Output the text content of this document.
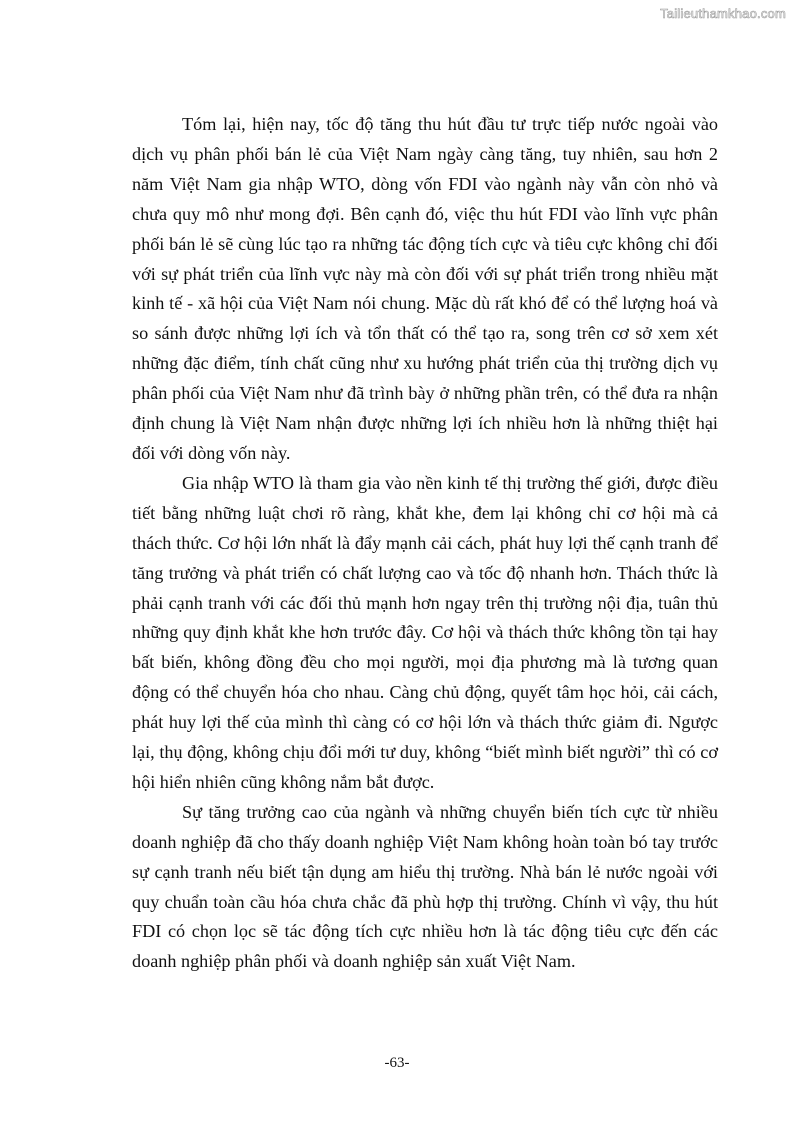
Tailieuthamkhao.com

Tóm lại, hiện nay, tốc độ tăng thu hút đầu tư trực tiếp nước ngoài vào dịch vụ phân phối bán lẻ của Việt Nam ngày càng tăng, tuy nhiên, sau hơn 2 năm Việt Nam gia nhập WTO, dòng vốn FDI vào ngành này vẫn còn nhỏ và chưa quy mô như mong đợi. Bên cạnh đó, việc thu hút FDI vào lĩnh vực phân phối bán lẻ sẽ cùng lúc tạo ra những tác động tích cực và tiêu cực không chỉ đối với sự phát triển của lĩnh vực này mà còn đối với sự phát triển trong nhiều mặt kinh tế - xã hội của Việt Nam nói chung. Mặc dù rất khó để có thể lượng hoá và so sánh được những lợi ích và tổn thất có thể tạo ra, song trên cơ sở xem xét những đặc điểm, tính chất cũng như xu hướng phát triển của thị trường dịch vụ phân phối của Việt Nam như đã trình bày ở những phần trên, có thể đưa ra nhận định chung là Việt Nam nhận được những lợi ích nhiều hơn là những thiệt hại đối với dòng vốn này.

Gia nhập WTO là tham gia vào nền kinh tế thị trường thế giới, được điều tiết bằng những luật chơi rõ ràng, khắt khe, đem lại không chỉ cơ hội mà cả thách thức. Cơ hội lớn nhất là đẩy mạnh cải cách, phát huy lợi thế cạnh tranh để tăng trưởng và phát triển có chất lượng cao và tốc độ nhanh hơn. Thách thức là phải cạnh tranh với các đối thủ mạnh hơn ngay trên thị trường nội địa, tuân thủ những quy định khắt khe hơn trước đây. Cơ hội và thách thức không tồn tại hay bất biến, không đồng đều cho mọi người, mọi địa phương mà là tương quan động có thể chuyển hóa cho nhau. Càng chủ động, quyết tâm học hỏi, cải cách, phát huy lợi thế của mình thì càng có cơ hội lớn và thách thức giảm đi. Ngược lại, thụ động, không chịu đổi mới tư duy, không “biết mình biết người” thì có cơ hội hiển nhiên cũng không nắm bắt được.

Sự tăng trưởng cao của ngành và những chuyển biến tích cực từ nhiều doanh nghiệp đã cho thấy doanh nghiệp Việt Nam không hoàn toàn bó tay trước sự cạnh tranh nếu biết tận dụng am hiểu thị trường. Nhà bán lẻ nước ngoài với quy chuẩn toàn cầu hóa chưa chắc đã phù hợp thị trường. Chính vì vậy, thu hút FDI có chọn lọc sẽ tác động tích cực nhiều hơn là tác động tiêu cực đến các doanh nghiệp phân phối và doanh nghiệp sản xuất Việt Nam.

-63-
